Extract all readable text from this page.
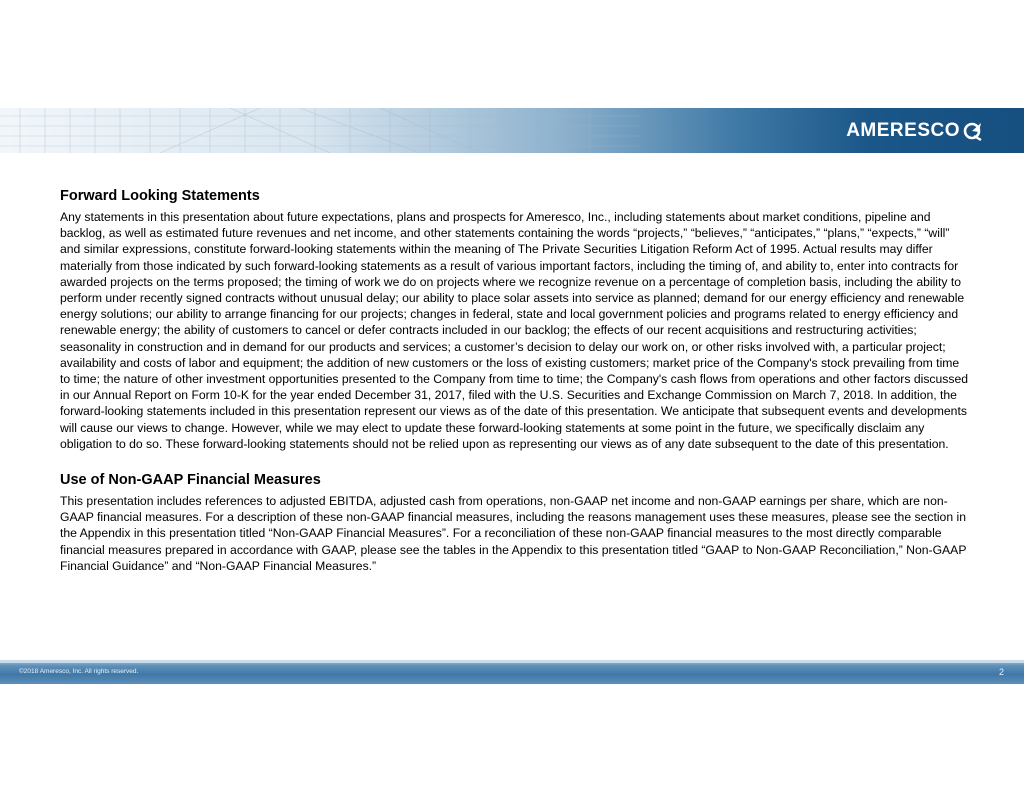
AMERESCO
Forward Looking Statements

Any statements in this presentation about future expectations, plans and prospects for Ameresco, Inc., including statements about market conditions, pipeline and backlog, as well as estimated future revenues and net income, and other statements containing the words “projects,” “believes,” “anticipates,” “plans,” “expects,” “will” and similar expressions, constitute forward-looking statements within the meaning of The Private Securities Litigation Reform Act of 1995. Actual results may differ materially from those indicated by such forward-looking statements as a result of various important factors, including the timing of, and ability to, enter into contracts for awarded projects on the terms proposed; the timing of work we do on projects where we recognize revenue on a percentage of completion basis, including the ability to perform under recently signed contracts without unusual delay; our ability to place solar assets into service as planned; demand for our energy efficiency and renewable energy solutions; our ability to arrange financing for our projects; changes in federal, state and local government policies and programs related to energy efficiency and renewable energy; the ability of customers to cancel or defer contracts included in our backlog; the effects of our recent acquisitions and restructuring activities; seasonality in construction and in demand for our products and services; a customer’s decision to delay our work on, or other risks involved with, a particular project; availability and costs of labor and equipment; the addition of new customers or the loss of existing customers; market price of the Company's stock prevailing from time to time; the nature of other investment opportunities presented to the Company from time to time; the Company's cash flows from operations and other factors discussed in our Annual Report on Form 10-K for the year ended December 31, 2017, filed with the U.S. Securities and Exchange Commission on March 7, 2018. In addition, the forward-looking statements included in this presentation represent our views as of the date of this presentation. We anticipate that subsequent events and developments will cause our views to change. However, while we may elect to update these forward-looking statements at some point in the future, we specifically disclaim any obligation to do so. These forward-looking statements should not be relied upon as representing our views as of any date subsequent to the date of this presentation.

Use of Non-GAAP Financial Measures

This presentation includes references to adjusted EBITDA, adjusted cash from operations, non-GAAP net income and non-GAAP earnings per share, which are non-GAAP financial measures. For a description of these non-GAAP financial measures, including the reasons management uses these measures, please see the section in the Appendix in this presentation titled “Non-GAAP Financial Measures”. For a reconciliation of these non-GAAP financial measures to the most directly comparable financial measures prepared in accordance with GAAP, please see the tables in the Appendix to this presentation titled “GAAP to Non-GAAP Reconciliation,” Non-GAAP Financial Guidance” and “Non-GAAP Financial Measures.”

©2018 Ameresco, Inc. All rights reserved.	2
